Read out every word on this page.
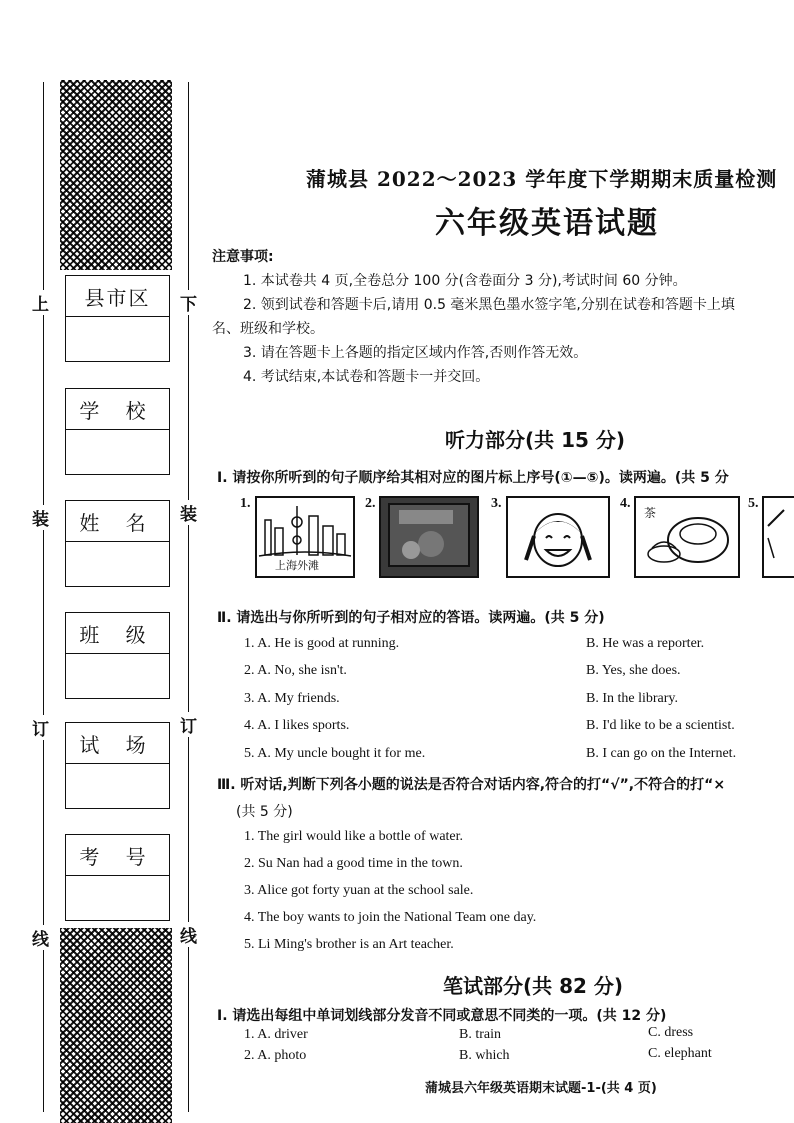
上	下
装	装
订	订
线	线
县市区
学 校
姓 名
班 级
试 场
考 号
蒲城县 2022～2023 学年度下学期期末质量检测
六年级英语试题
注意事项:
1. 本试卷共 4 页,全卷总分 100 分(含卷面分 3 分),考试时间 60 分钟。
2. 领到试卷和答题卡后,请用 0.5 毫米黑色墨水签字笔,分别在试卷和答题卡上填
名、班级和学校。
3. 请在答题卡上各题的指定区域内作答,否则作答无效。
4. 考试结束,本试卷和答题卡一并交回。
听力部分(共 15 分)
Ⅰ. 请按你所听到的句子顺序给其相对应的图片标上序号(①—⑤)。读两遍。(共 5 分
1.
上海外滩
2.	3.	4.
茶
5.
Ⅱ. 请选出与你所听到的句子相对应的答语。读两遍。(共 5 分)
1. A. He is good at running.	B. He was a reporter.
2. A. No, she isn't.	B. Yes, she does.
3. A. My friends.	B. In the library.
4. A. I likes sports.	B. I'd like to be a scientist.
5. A. My uncle bought it for me.	B. I can go on the Internet.
Ⅲ. 听对话,判断下列各小题的说法是否符合对话内容,符合的打“√”,不符合的打“×
(共 5 分)
1. The girl would like a bottle of water.
2. Su Nan had a good time in the town.
3. Alice got forty yuan at the school sale.
4. The boy wants to join the National Team one day.
5. Li Ming's brother is an Art teacher.
笔试部分(共 82 分)
Ⅰ. 请选出每组中单词划线部分发音不同或意思不同类的一项。(共 12 分)
1. A. driver	B. train	C. dress
2. A. photo	B. which	C. elephant
蒲城县六年级英语期末试题-1-(共 4 页)
